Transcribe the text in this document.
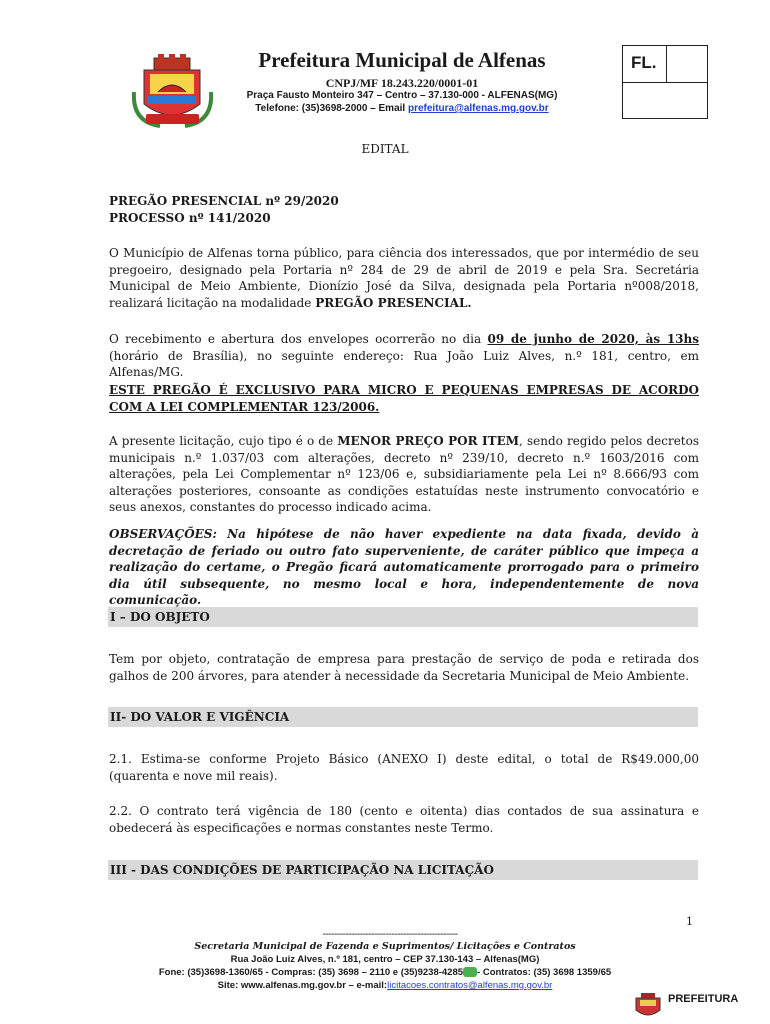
Prefeitura Municipal de Alfenas
CNPJ/MF 18.243.220/0001-01
Praça Fausto Monteiro 347 – Centro – 37.130-000 - ALFENAS(MG)
Telefone: (35)3698-2000 – Email prefeitura@alfenas.mg.gov.br
FL.
EDITAL
PREGÃO PRESENCIAL nº 29/2020
PROCESSO nº 141/2020
O Município de Alfenas torna público, para ciência dos interessados, que por intermédio de seu pregoeiro, designado pela Portaria nº 284 de 29 de abril de 2019 e pela Sra. Secretária Municipal de Meio Ambiente, Dionízio José da Silva, designada pela Portaria nº008/2018, realizará licitação na modalidade PREGÃO PRESENCIAL.
O recebimento e abertura dos envelopes ocorrerão no dia 09 de junho de 2020, às 13hs (horário de Brasília), no seguinte endereço: Rua João Luiz Alves, n.º 181, centro, em Alfenas/MG.
ESTE PREGÃO É EXCLUSIVO PARA MICRO E PEQUENAS EMPRESAS DE ACORDO COM A LEI COMPLEMENTAR 123/2006.
A presente licitação, cujo tipo é o de MENOR PREÇO POR ITEM, sendo regido pelos decretos municipais n.º 1.037/03 com alterações, decreto nº 239/10, decreto n.º 1603/2016 com alterações, pela Lei Complementar nº 123/06 e, subsidiariamente pela Lei nº 8.666/93 com alterações posteriores, consoante as condições estatuídas neste instrumento convocatório e seus anexos, constantes do processo indicado acima.
OBSERVAÇÕES: Na hipótese de não haver expediente na data fixada, devido à decretação de feriado ou outro fato superveniente, de caráter público que impeça a realização do certame, o Pregão ficará automaticamente prorrogado para o primeiro dia útil subsequente, no mesmo local e hora, independentemente de nova comunicação.
I – DO OBJETO
Tem por objeto, contratação de empresa para prestação de serviço de poda e retirada dos galhos de 200 árvores, para atender à necessidade da Secretaria Municipal de Meio Ambiente.
II- DO VALOR E VIGÊNCIA
2.1. Estima-se conforme Projeto Básico (ANEXO I) deste edital, o total de R$49.000,00 (quarenta e nove mil reais).
2.2. O contrato terá vigência de 180 (cento e oitenta) dias contados de sua assinatura e obedecerá às especificações e normas constantes neste Termo.
III - DAS CONDIÇÕES DE PARTICIPAÇÃO NA LICITAÇÃO
1
-----------------------------------------------
Secretaria Municipal de Fazenda e Suprimentos/ Licitações e Contratos
Rua João Luiz Alves, n.º 181, centro – CEP 37.130-143 – Alfenas(MG)
Fone: (35)3698-1360/65 - Compras: (35) 3698 – 2110 e (35)9238-4285 - Contratos: (35) 3698 1359/65
Site: www.alfenas.mg.gov.br – e-mail:licitacoes.contratos@alfenas.mg.gov.br
PREFEITURA
